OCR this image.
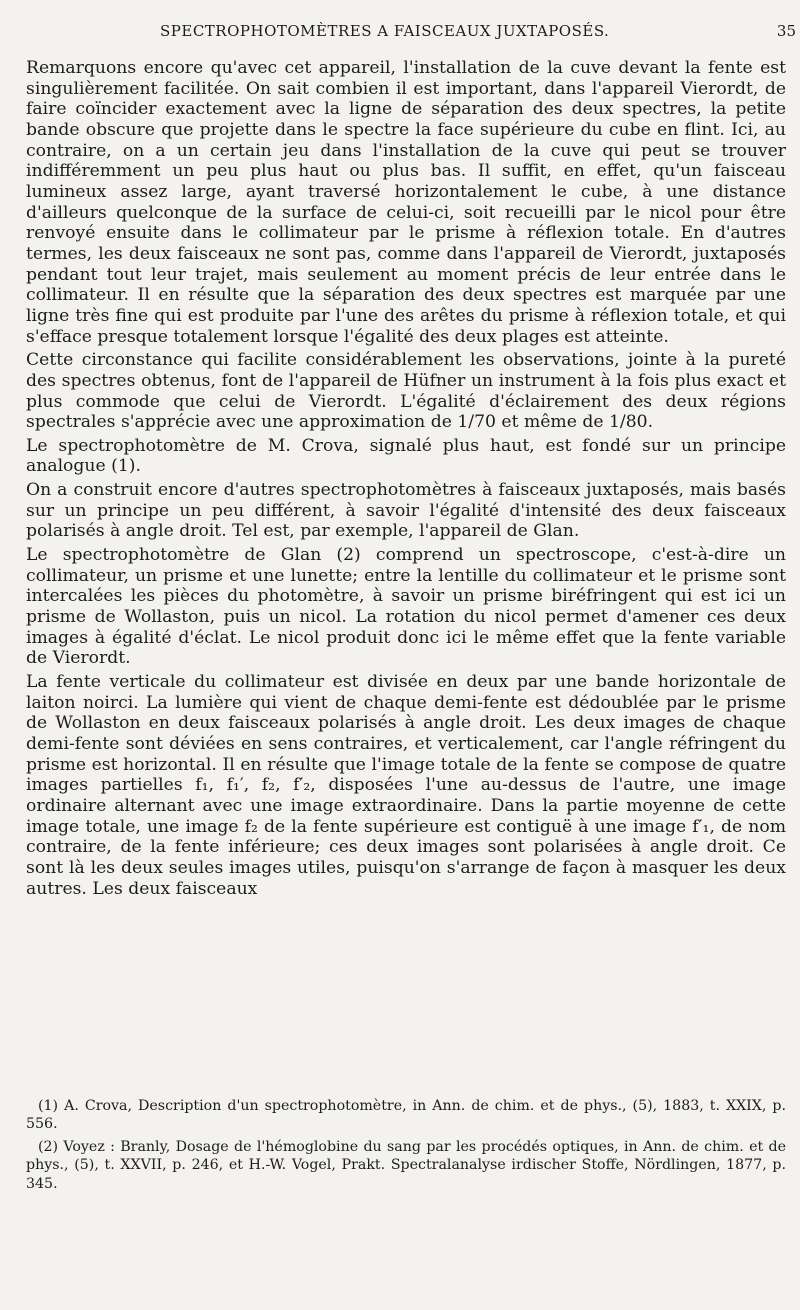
SPECTROPHOTOMÈTRES A FAISCEAUX JUXTAPOSÉS.	35

Remarquons encore qu'avec cet appareil, l'installation de la cuve devant la fente est singulièrement facilitée. On sait combien il est important, dans l'appareil Vierordt, de faire coïncider exactement avec la ligne de séparation des deux spectres, la petite bande obscure que projette dans le spectre la face supérieure du cube en flint. Ici, au contraire, on a un certain jeu dans l'installation de la cuve qui peut se trouver indifféremment un peu plus haut ou plus bas. Il suffit, en effet, qu'un faisceau lumineux assez large, ayant traversé horizontalement le cube, à une distance d'ailleurs quelconque de la surface de celui-ci, soit recueilli par le nicol pour être renvoyé ensuite dans le collimateur par le prisme à réflexion totale. En d'autres termes, les deux faisceaux ne sont pas, comme dans l'appareil de Vierordt, juxtaposés pendant tout leur trajet, mais seulement au moment précis de leur entrée dans le collimateur. Il en résulte que la séparation des deux spectres est marquée par une ligne très fine qui est produite par l'une des arêtes du prisme à réflexion totale, et qui s'efface presque totalement lorsque l'égalité des deux plages est atteinte.

Cette circonstance qui facilite considérablement les observations, jointe à la pureté des spectres obtenus, font de l'appareil de Hüfner un instrument à la fois plus exact et plus commode que celui de Vierordt. L'égalité d'éclairement des deux régions spectrales s'apprécie avec une approximation de 1/70 et même de 1/80.

Le spectrophotomètre de M. Crova, signalé plus haut, est fondé sur un principe analogue (1).

On a construit encore d'autres spectrophotomètres à faisceaux juxtaposés, mais basés sur un principe un peu différent, à savoir l'égalité d'intensité des deux faisceaux polarisés à angle droit. Tel est, par exemple, l'appareil de Glan.

Le spectrophotomètre de Glan (2) comprend un spectroscope, c'est-à-dire un collimateur, un prisme et une lunette; entre la lentille du collimateur et le prisme sont intercalées les pièces du photomètre, à savoir un prisme biréfringent qui est ici un prisme de Wollaston, puis un nicol. La rotation du nicol permet d'amener ces deux images à égalité d'éclat. Le nicol produit donc ici le même effet que la fente variable de Vierordt.

La fente verticale du collimateur est divisée en deux par une bande horizontale de laiton noirci. La lumière qui vient de chaque demi-fente est dédoublée par le prisme de Wollaston en deux faisceaux polarisés à angle droit. Les deux images de chaque demi-fente sont déviées en sens contraires, et verticalement, car l'angle réfringent du prisme est horizontal. Il en résulte que l'image totale de la fente se compose de quatre images partielles f₁, f₁′, f₂, f′₂, disposées l'une au-dessus de l'autre, une image ordinaire alternant avec une image extraordinaire. Dans la partie moyenne de cette image totale, une image f₂ de la fente supérieure est contiguë à une image f′₁, de nom contraire, de la fente inférieure; ces deux images sont polarisées à angle droit. Ce sont là les deux seules images utiles, puisqu'on s'arrange de façon à masquer les deux autres. Les deux faisceaux

(1) A. Crova, Description d'un spectrophotomètre, in Ann. de chim. et de phys., (5), 1883, t. XXIX, p. 556.

(2) Voyez : Branly, Dosage de l'hémoglobine du sang par les procédés optiques, in Ann. de chim. et de phys., (5), t. XXVII, p. 246, et H.-W. Vogel, Prakt. Spectralanalyse irdischer Stoffe, Nördlingen, 1877, p. 345.
